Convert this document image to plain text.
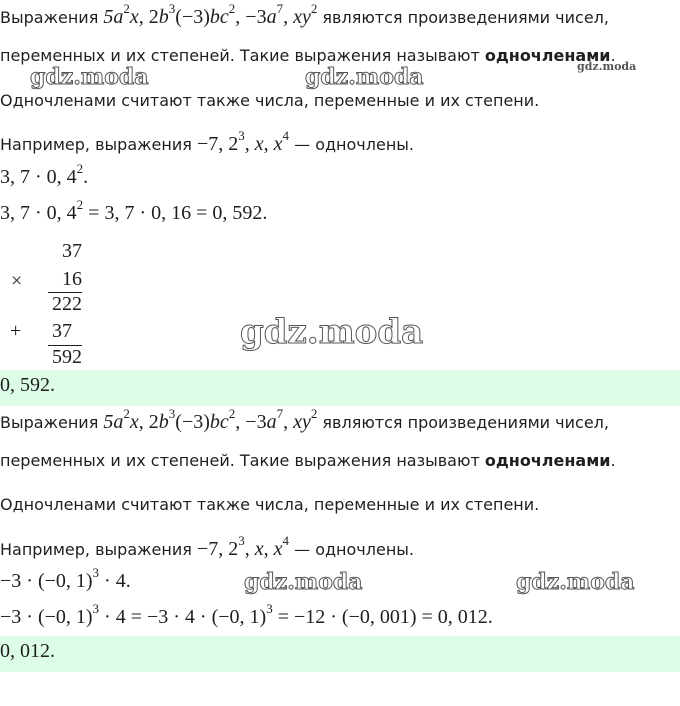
Выражения $5a^2x$, $2b^3(-3)bc^2$, $-3a^7$, $xy^2$ являются произведениями чисел,
переменных и их степеней. Такие выражения называют одночленами.
Одночленами считают также числа, переменные и их степени.
Например, выражения −7, $2^3$, x, $x^4$ — одночлены.
3, 7 · 0, $4^2$.
3, 7 · 0, $4^2 = 3$, 7 · 0, 16 = 0, 592.
37
×	16
222
+	37
592
0, 592.
Выражения $5a^2x$, $2b^3(-3)bc^2$, $-3a^7$, $xy^2$ являются произведениями чисел,
переменных и их степеней. Такие выражения называют одночленами.
Одночленами считают также числа, переменные и их степени.
Например, выражения −7, $2^3$, x, $x^4$ — одночлены.
−3 · (−0, 1)$^3$ · 4.
−3 · (−0, 1)$^3$ · 4 = −3 · 4 · (−0, 1)$^3$ = −12 · (−0, 001) = 0, 012.
0, 012.
gdz.moda	gdz.moda	gdz.moda
gdz.moda
gdz.moda	gdz.moda
